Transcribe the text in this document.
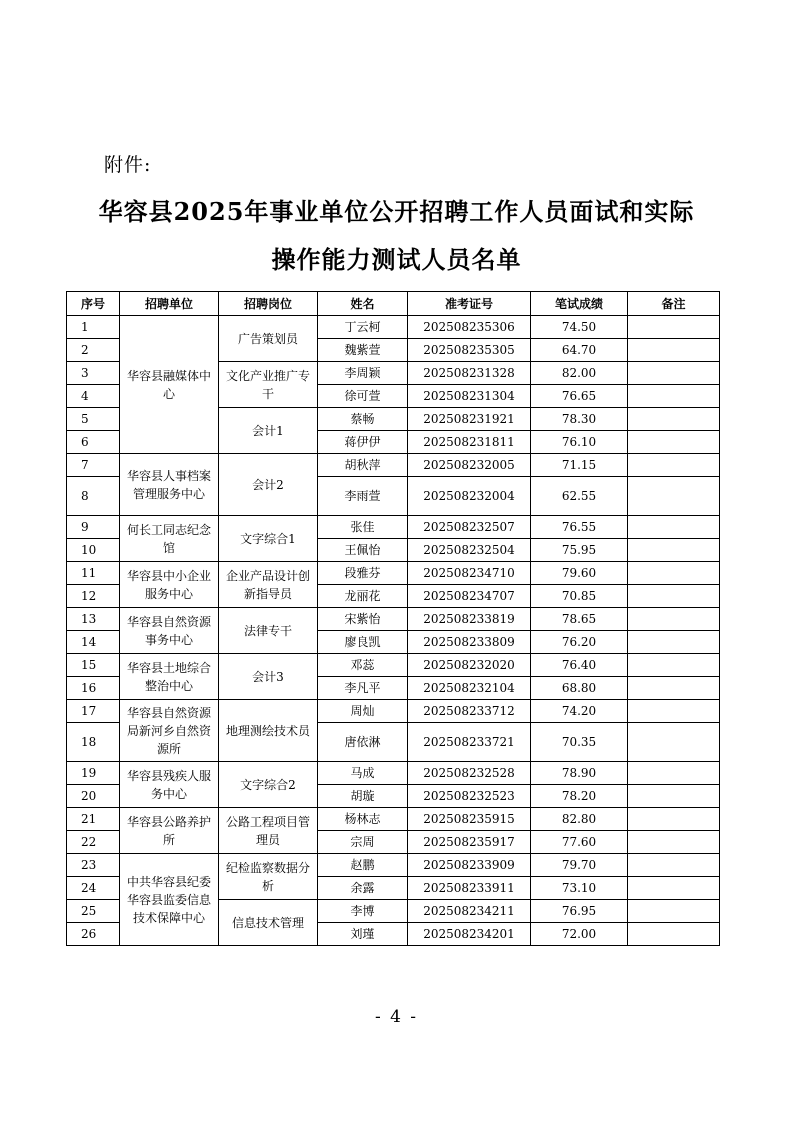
附件:
华容县2025年事业单位公开招聘工作人员面试和实际
操作能力测试人员名单
序号	招聘单位	招聘岗位	姓名	准考证号	笔试成绩	备注
1	华容县融媒体中心	广告策划员	丁云柯	202508235306	74.50	
2			魏紫萱	202508235305	64.70	
3		文化产业推广专干	李周颖	202508231328	82.00	
4			徐可萱	202508231304	76.65	
5		会计1	蔡畅	202508231921	78.30	
6			蒋伊伊	202508231811	76.10	
7	华容县人事档案管理服务中心	会计2	胡秋萍	202508232005	71.15	
8			李雨萱	202508232004	62.55	
9	何长工同志纪念馆	文字综合1	张佳	202508232507	76.55	
10			王佩怡	202508232504	75.95	
11	华容县中小企业服务中心	企业产品设计创新指导员	段雅芬	202508234710	79.60	
12			龙丽花	202508234707	70.85	
13	华容县自然资源事务中心	法律专干	宋紫怡	202508233819	78.65	
14			廖良凯	202508233809	76.20	
15	华容县土地综合整治中心	会计3	邓蕊	202508232020	76.40	
16			李凡平	202508232104	68.80	
17	华容县自然资源局新河乡自然资源所	地理测绘技术员	周灿	202508233712	74.20	
18			唐依淋	202508233721	70.35	
19	华容县残疾人服务中心	文字综合2	马成	202508232528	78.90	
20			胡璇	202508232523	78.20	
21	华容县公路养护所	公路工程项目管理员	杨林志	202508235915	82.80	
22			宗周	202508235917	77.60	
23	中共华容县纪委华容县监委信息技术保障中心	纪检监察数据分析	赵鹏	202508233909	79.70	
24			余露	202508233911	73.10	
25		信息技术管理	李博	202508234211	76.95	
26			刘瑾	202508234201	72.00	
- 4 -
